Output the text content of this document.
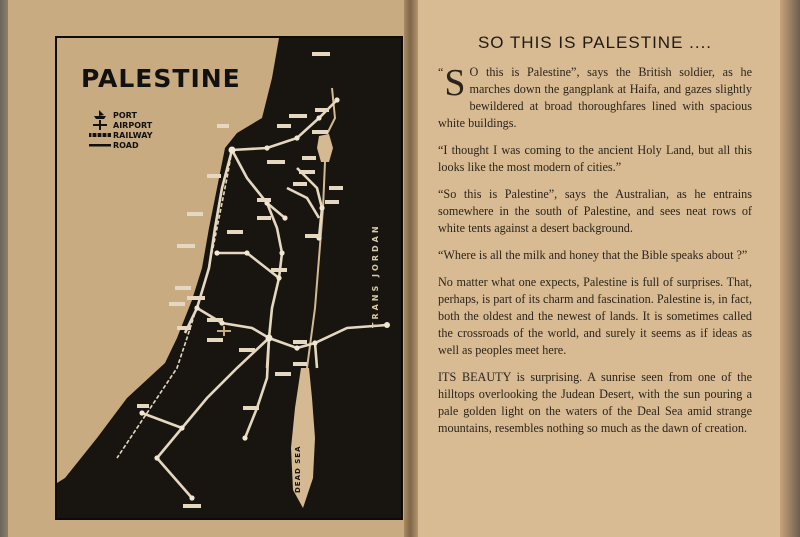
PALESTINE
PORT
AIRPORT
RAILWAY
ROAD
TRANS JORDAN
DEAD SEA
SO THIS IS PALESTINE ....

“ S O this is Palestine”, says the British soldier, as he marches down the gangplank at Haifa, and gazes slightly bewildered at broad thoroughfares lined with spacious white buildings.

“I thought I was coming to the ancient Holy Land, but all this looks like the most modern of cities.”

“So this is Palestine”, says the Australian, as he entrains somewhere in the south of Palestine, and sees neat rows of white tents against a desert background.

“Where is all the milk and honey that the Bible speaks about ?”

No matter what one expects, Palestine is full of surprises. That, perhaps, is part of its charm and fascination. Palestine is, in fact, both the oldest and the newest of lands. It is sometimes called the crossroads of the world, and surely it seems as if ideas as well as peoples meet here.

ITS BEAUTY is surprising. A sunrise seen from one of the hilltops overlooking the Judean Desert, with the sun pouring a pale golden light on the waters of the Deal Sea amid strange mountains, resembles nothing so much as the dawn of creation.
